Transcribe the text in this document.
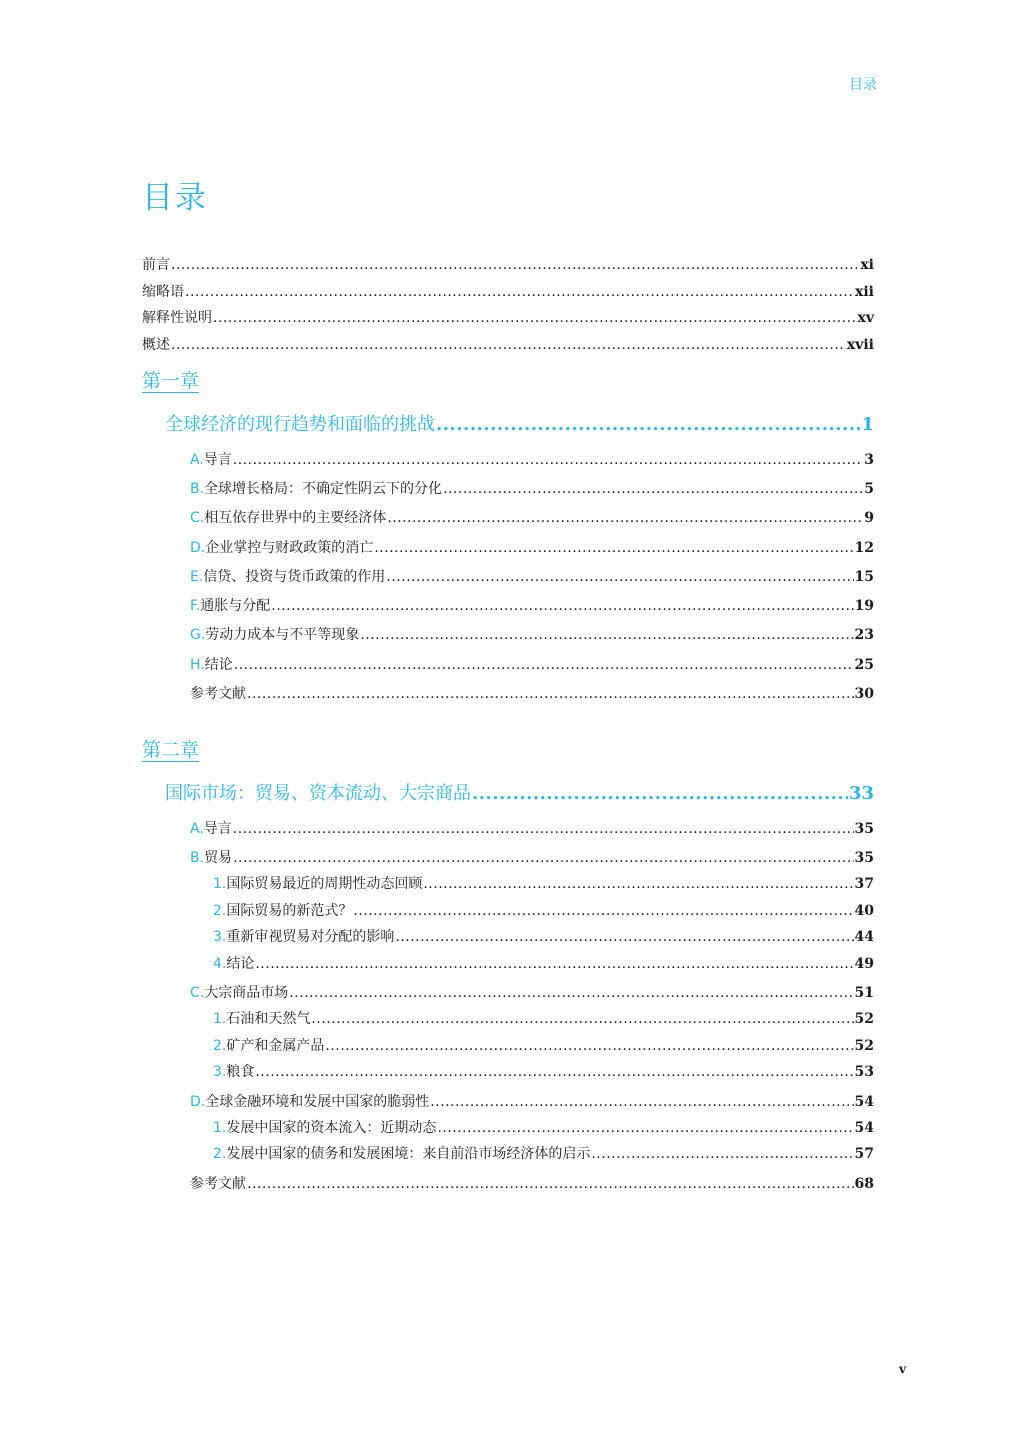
目录
目录
前言 .....	xi
缩略语 .....	xii
解释性说明 .....	xv
概述 .....	xvii
第一章
全球经济的现行趋势和面临的挑战 .....	1
A. 导言 .....	3
B. 全球增长格局：不确定性阴云下的分化 .....	5
C. 相互依存世界中的主要经济体 .....	9
D. 企业掌控与财政政策的消亡 .....	12
E. 信贷、投资与货币政策的作用 .....	15
F. 通胀与分配 .....	19
G. 劳动力成本与不平等现象 .....	23
H. 结论 .....	25
参考文献 .....	30
第二章
国际市场：贸易、资本流动、大宗商品 .....	33
A. 导言 .....	35
B. 贸易 .....	35
1. 国际贸易最近的周期性动态回顾 .....	37
2. 国际贸易的新范式？ .....	40
3. 重新审视贸易对分配的影响 .....	44
4. 结论 .....	49
C. 大宗商品市场 .....	51
1. 石油和天然气 .....	52
2. 矿产和金属产品 .....	52
3. 粮食 .....	53
D. 全球金融环境和发展中国家的脆弱性 .....	54
1. 发展中国家的资本流入：近期动态 .....	54
2. 发展中国家的债务和发展困境：来自前沿市场经济体的启示 .....	57
参考文献 .....	68
v
